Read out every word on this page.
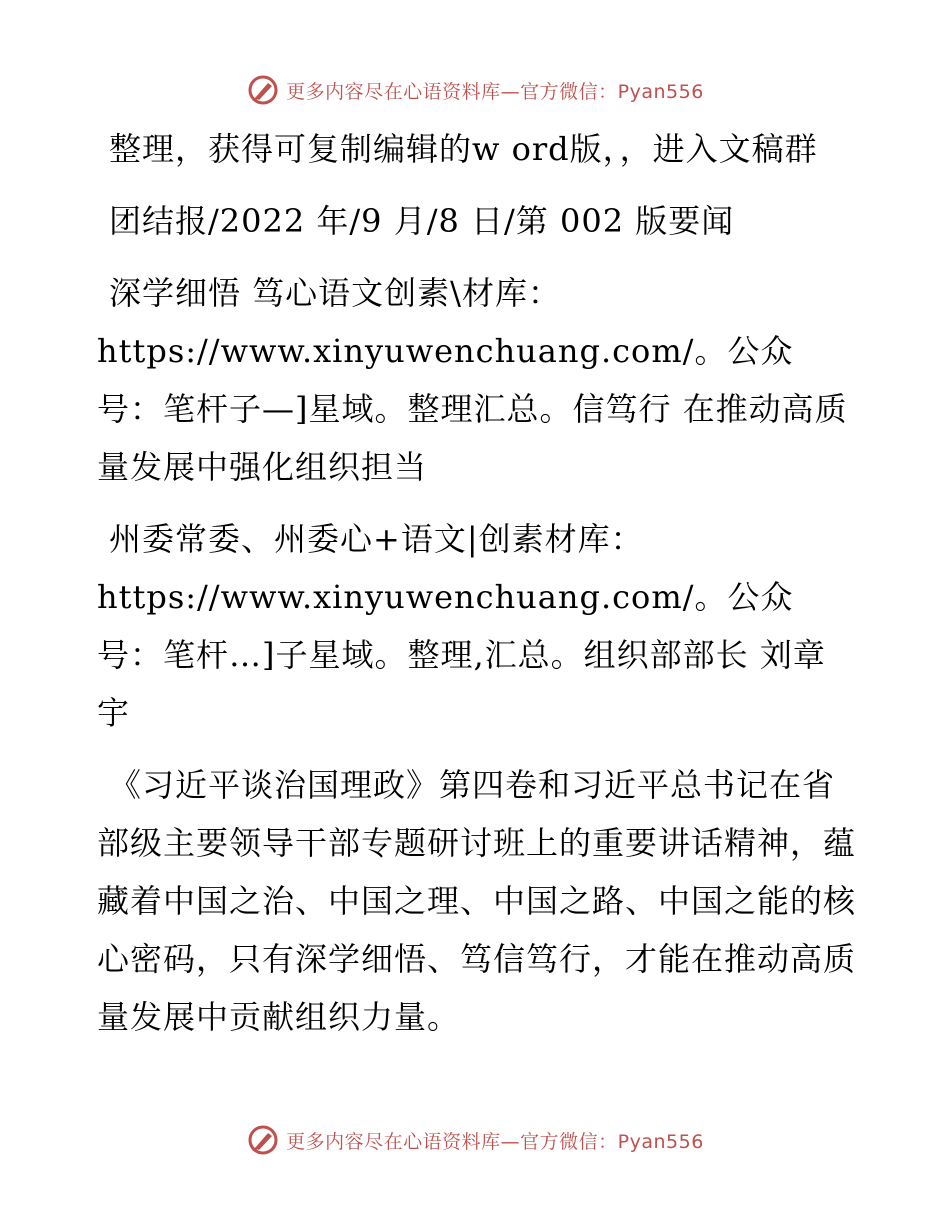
更多内容尽在心语资料库—官方微信：Pyan556

整理，获得可复制编辑的w ord版，，进入文稿群

团结报/2022 年/9 月/8 日/第 002 版要闻

深学细悟 笃心语文创素\材库：https://www.xinyuwenchuang.com/。公众号：笔杆子—]星域。整理汇总。信笃行 在推动高质量发展中强化组织担当

州委常委、州委心+语文|创素材库：https://www.xinyuwenchuang.com/。公众号：笔杆…]子星域。整理,汇总。组织部部长 刘章宇

《习近平谈治国理政》第四卷和习近平总书记在省部级主要领导干部专题研讨班上的重要讲话精神，蕴藏着中国之治、中国之理、中国之路、中国之能的核心密码，只有深学细悟、笃信笃行，才能在推动高质量发展中贡献组织力量。

更多内容尽在心语资料库—官方微信：Pyan556
